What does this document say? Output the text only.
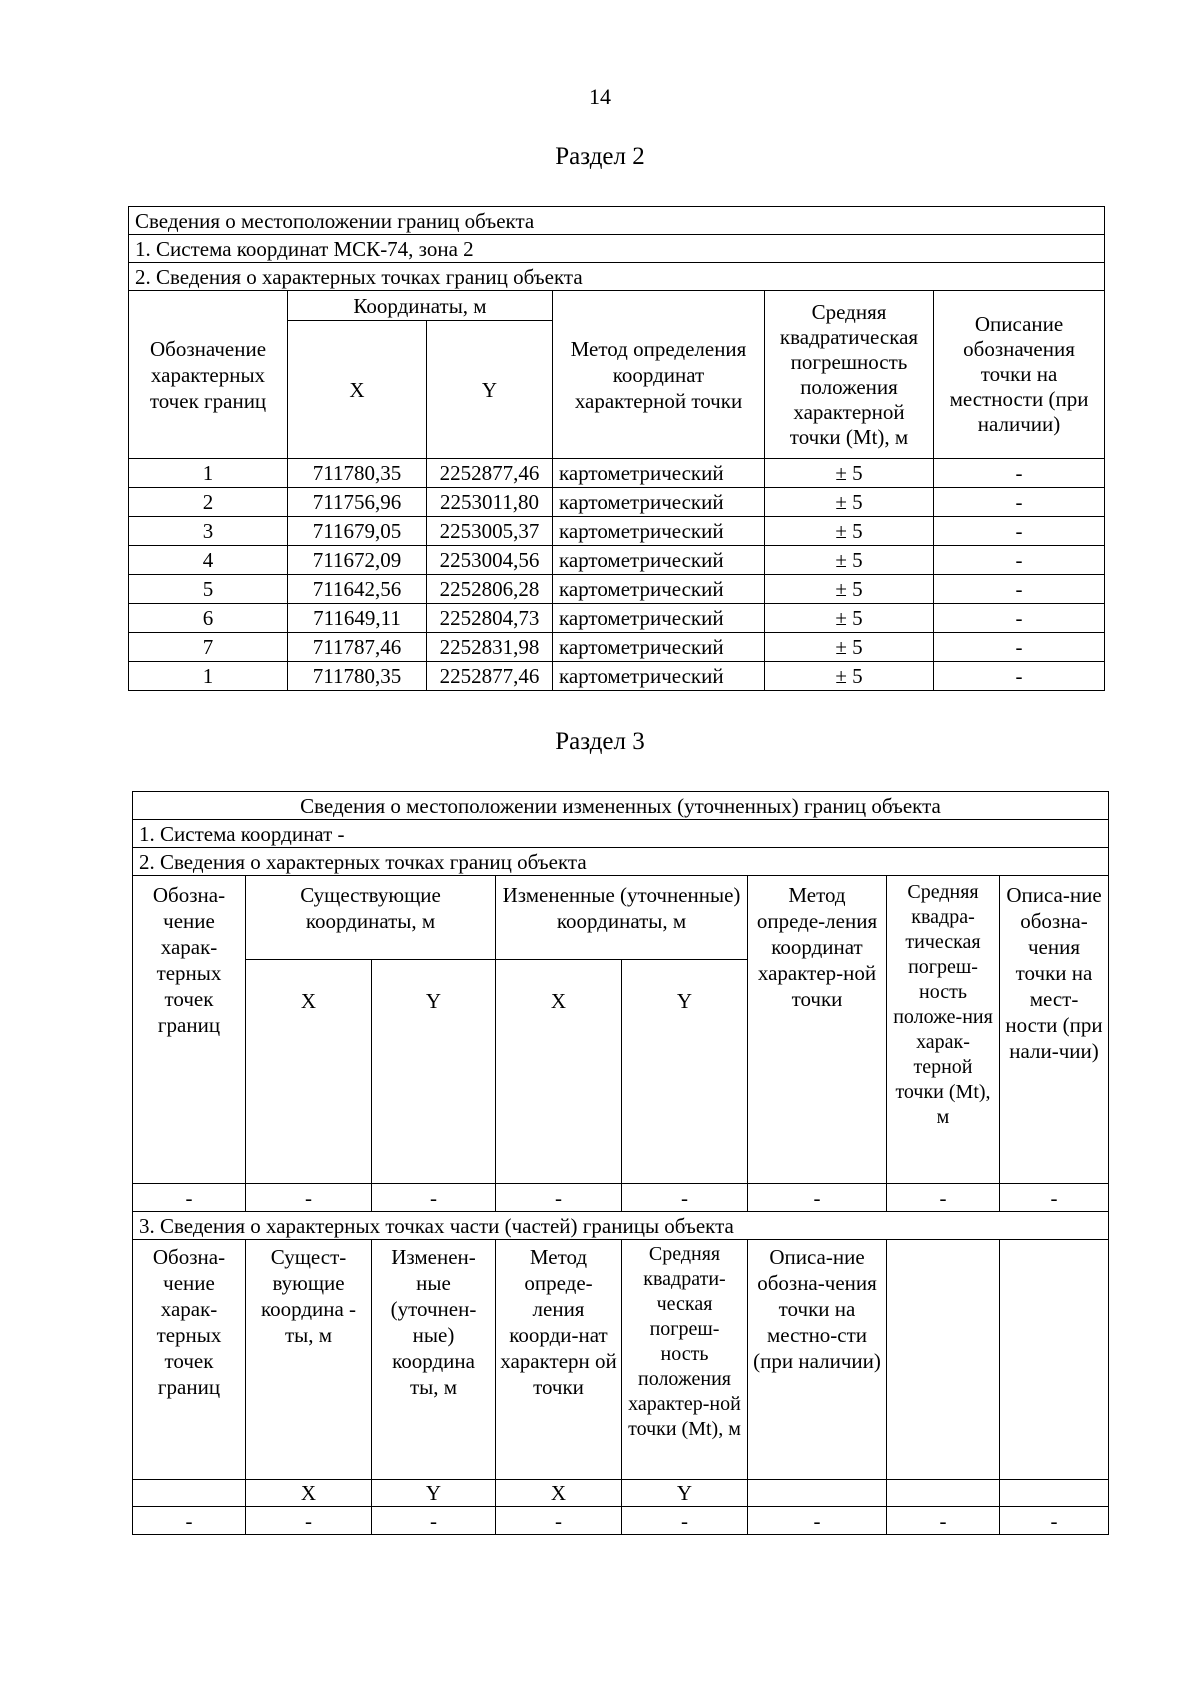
14
Раздел 2
Сведения о местоположении границ объекта					
1. Система координат МСК-74, зона 2					
2. Сведения о характерных точках границ объекта					
Обозначение характерных точек границ	Координаты, м		Метод определения координат характерной точки	Средняя квадратическая погрешность положения характерной точки (Mt), м	Описание обозначения точки на местности (при наличии)
	X	Y			
1	711780,35	2252877,46	картометрический	± 5	-
2	711756,96	2253011,80	картометрический	± 5	-
3	711679,05	2253005,37	картометрический	± 5	-
4	711672,09	2253004,56	картометрический	± 5	-
5	711642,56	2252806,28	картометрический	± 5	-
6	711649,11	2252804,73	картометрический	± 5	-
7	711787,46	2252831,98	картометрический	± 5	-
1	711780,35	2252877,46	картометрический	± 5	-
Раздел 3
Сведения о местоположении измененных (уточненных) границ объекта							
1. Система координат -							
2. Сведения о характерных точках границ объекта							
Обозна-чение харак-терных точек границ	Существующие координаты, м		Измененные (уточненные) координаты, м		Метод опреде-ления координат характер-ной точки	Средняя квадра-тическая погреш-ность положе-ния харак-терной точки (Mt), м	Описа-ние обозна-чения точки на мест-ности (при нали-чии)
	X	Y	X	Y			
-	-	-	-	-	-	-	-
3. Сведения о характерных точках части (частей) границы объекта							
Обозна-чение харак-терных точек границ	Сущест-вующие координа - ты, м	Изменен-ные (уточнен-ные) координа ты, м	Метод опреде-ления коорди-нат характерн ой точки	Средняя квадрати-ческая погреш-ность положения характер-ной точки (Mt), м	Описа-ние обозна-чения точки на местно-сти (при наличии)		
	X	Y	X	Y			
-	-	-	-	-	-	-	-
